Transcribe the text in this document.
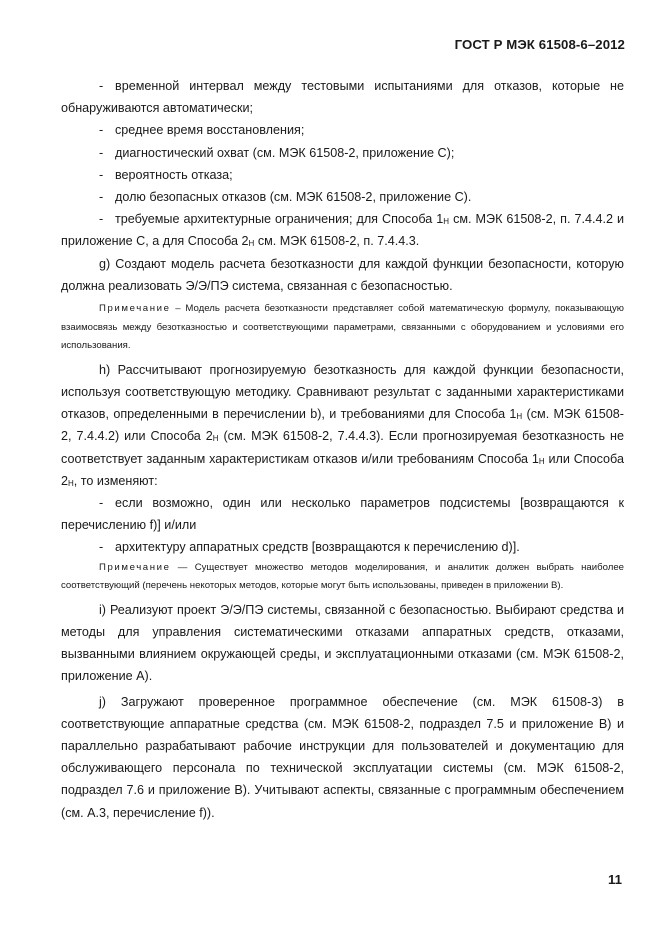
ГОСТ Р МЭК 61508-6–2012

- временной интервал между тестовыми испытаниями для отказов, которые не обнаруживаются автоматически;

- среднее время восстановления;

- диагностический охват (см. МЭК 61508-2, приложение C);

- вероятность отказа;

- долю безопасных отказов (см. МЭК 61508-2, приложение C).

- требуемые архитектурные ограничения; для Способа $1_H$ см. МЭК 61508-2, п. 7.4.4.2 и приложение C, а для Способа $2_H$ см. МЭК 61508-2, п. 7.4.4.3.

g) Создают модель расчета безотказности для каждой функции безопасности, которую должна реализовать Э/Э/ПЭ система, связанная с безопасностью.

Примечание – Модель расчета безотказности представляет собой математическую формулу, показывающую взаимосвязь между безотказностью и соответствующими параметрами, связанными с оборудованием и условиями его использования.

h) Рассчитывают прогнозируемую безотказность для каждой функции безопасности, используя соответствующую методику. Сравнивают результат с заданными характеристиками отказов, определенными в перечислении b), и требованиями для Способа $1_H$ (см. МЭК 61508-2, 7.4.4.2) или Способа $2_H$ (см. МЭК 61508-2, 7.4.4.3). Если прогнозируемая безотказность не соответствует заданным характеристикам отказов и/или требованиям Способа $1_H$ или Способа $2_H$, то изменяют:

- если возможно, один или несколько параметров подсистемы [возвращаются к перечислению f)] и/или

- архитектуру аппаратных средств [возвращаются к перечислению d)].

Примечание — Существует множество методов моделирования, и аналитик должен выбрать наиболее соответствующий (перечень некоторых методов, которые могут быть использованы, приведен в приложении B).

i) Реализуют проект Э/Э/ПЭ системы, связанной с безопасностью. Выбирают средства и методы для управления систематическими отказами аппаратных средств, отказами, вызванными влиянием окружающей среды, и эксплуатационными отказами (см. МЭК 61508-2, приложение A).

j) Загружают проверенное программное обеспечение (см. МЭК 61508-3) в соответствующие аппаратные средства (см. МЭК 61508-2, подраздел 7.5 и приложение B) и параллельно разрабатывают рабочие инструкции для пользователей и документацию для обслуживающего персонала по технической эксплуатации системы (см. МЭК 61508-2, подраздел 7.6 и приложение B). Учитывают аспекты, связанные с программным обеспечением (см. A.3, перечисление f)).

11
